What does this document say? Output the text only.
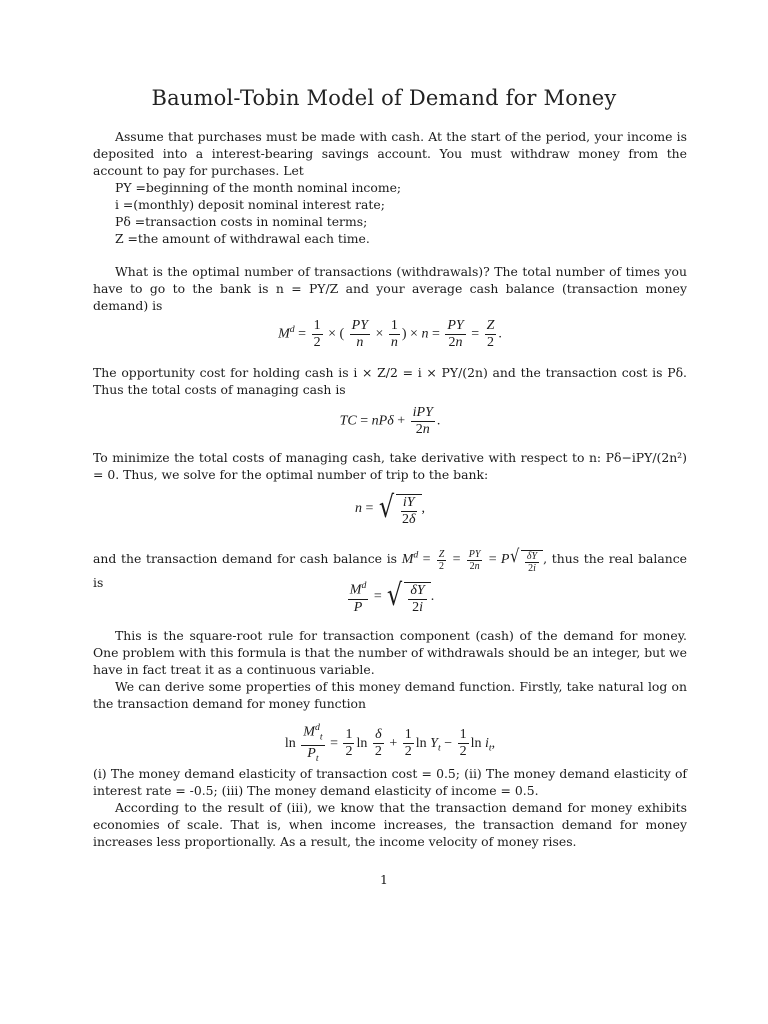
Baumol-Tobin Model of Demand for Money
Assume that purchases must be made with cash. At the start of the period, your income is deposited into a interest-bearing savings account. You must withdraw money from the account to pay for purchases. Let
PY =beginning of the month nominal income;
i =(monthly) deposit nominal interest rate;
Pδ =transaction costs in nominal terms;
Z =the amount of withdrawal each time.
What is the optimal number of transactions (withdrawals)? The total number of times you have to go to the bank is n = PY/Z and your average cash balance (transaction money demand) is
$M^d = \frac{1}{2}$ × ( $\frac{PY}{n} \times \frac{1}{n}$ ) × $n = \frac{PY}{2n} = \frac{Z}{2}$ .
The opportunity cost for holding cash is i × Z/2 = i × PY/(2n) and the transaction cost is Pδ. Thus the total costs of managing cash is
TC = $nP\delta + \frac{\text{iPY}}{2n}$ .
To minimize the total costs of managing cash, take derivative with respect to n: Pδ−iPY/(2n²) = 0. Thus, we solve for the optimal number of trip to the bank:
n = √ $\frac{iY}{2\delta}$ ,
and the transaction demand for cash balance is $M^d = \frac{Z}{2} = \frac{PY}{2n} = P$ √ $\frac{\delta Y}{2i}$ , thus the real balance is	$\frac{M^d}{P}$ = √ $\frac{\delta Y}{2i}$ .
This is the square-root rule for transaction component (cash) of the demand for money. One problem with this formula is that the number of withdrawals should be an integer, but we have in fact treat it as a continuous variable.
We can derive some properties of this money demand function. Firstly, take natural log on the transaction demand for money function
$\ln \frac{M^d_t}{P_t} = \frac{1}{2}$ $\ln \frac{\delta}{2} + \frac{1}{2}$ $\ln Y_t - \frac{1}{2}$ $\ln i_t$,
(i) The money demand elasticity of transaction cost = 0.5; (ii) The money demand elasticity of interest rate = -0.5; (iii) The money demand elasticity of income = 0.5.
According to the result of (iii), we know that the transaction demand for money exhibits economies of scale. That is, when income increases, the transaction demand for money increases less proportionally. As a result, the income velocity of money rises.
1
